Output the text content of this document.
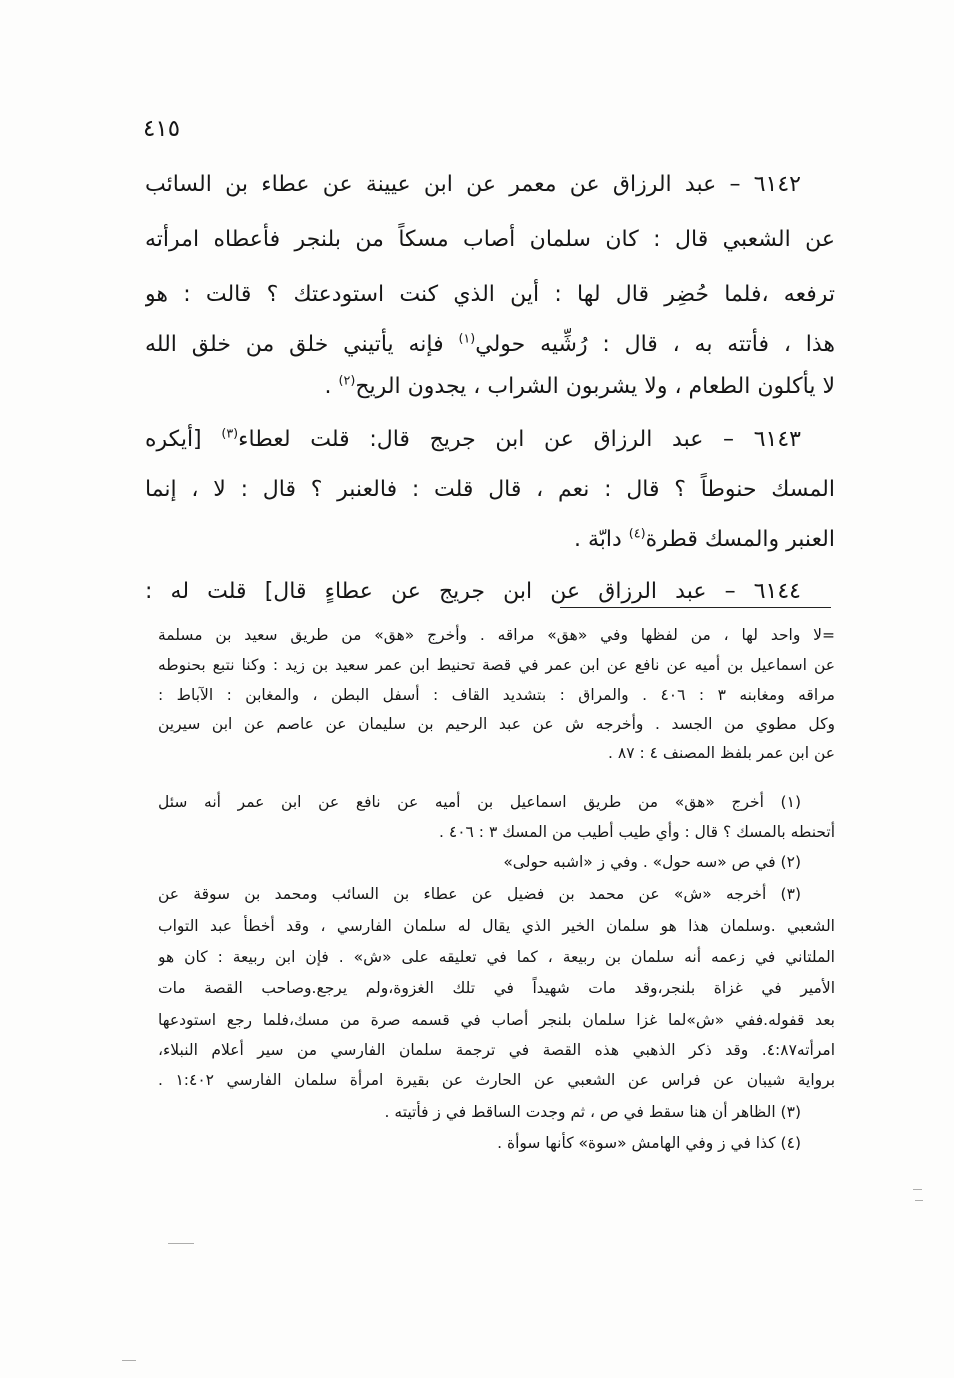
٤١٥
٦١٤٢ – عبد الرزاق عن معمر عن ابن عيينة عن عطاء بن السائب
عن الشعبي قال : كان سلمان أصاب مسكاً من بلنجر فأعطاه امرأته
ترفعه ،فلما حُضِر قال لها : أين الذي كنت استودعتك ؟ قالت : هو
هذا ، فأتته به ، قال : رُشِّيه حولي$^{(١)}$ فإنه يأتيني خلق من خلق الله
لا يأكلون الطعام ، ولا يشربون الشراب ، يجدون الريح$^{(٢)}$ .
٦١٤٣ – عبد الرزاق عن ابن جريج قال: قلت لعطاء$^{(٣)}$ [أيكره
المسك حنوطاً ؟ قال : نعم ، قال قلت : فالعنبر ؟ قال : لا ، إنما
العنبر والمسك قطرة$^{(٤)}$ دابّة .
٦١٤٤ – عبد الرزاق عن ابن جريج عن عطاءٍ قال] قلت له :
=لا واحد لها ، من لفظها وفي «هق» مراقه . وأخرج «هق» من طريق سعيد بن مسلمة
عن اسماعيل بن أميه عن نافع عن ابن عمر في قصة تحنيط ابن عمر سعيد بن زيد : وكنا نتبع بحنوطه
مراقه ومغابنه ٣ : ٤٠٦ . والمراق : بتشديد القاف : أسفل البطن ، والمغابن : الآباط :
وكل مطوي من الجسد . وأخرجه ش عن عبد الرحيم بن سليمان عن عاصم عن ابن سيرين
عن ابن عمر بلفظ المصنف ٤ : ٨٧ .
(١) أخرج «هق» من طريق اسماعيل بن أميه عن نافع عن ابن عمر أنه سئل
أتحنطه بالمسك ؟ قال : وأي طيب أطيب من المسك ٣ : ٤٠٦ .
(٢) في ص «سه حول» . وفي ز «اشبه حولى»
(٣) أخرجه «ش» عن محمد بن فضيل عن عطاء بن السائب ومحمد بن سوقة عن
الشعبي .وسلمان هذا هو سلمان الخير الذي يقال له سلمان الفارسي ، وقد أخطأ عبد التواب
الملتاني في زعمه أنه سلمان بن ربيعة ، كما في تعليقه على «ش» . فإن ابن ربيعة : كان هو
الأمير في غزاة بلنجر،وقد مات شهيداً في تلك الغزوة،ولم يرجع.وصاحب القصة مات
بعد قفوله.ففي «ش»لما غزا سلمان بلنجر أصاب في قسمه صرة من مسك،فلما رجع استودعها
امرأته٤:٨٧. وقد ذكر الذهبي هذه القصة في ترجمة سلمان الفارسي من سير أعلام النبلاء،
برواية شيبان عن فراس عن الشعبي عن الحارث عن بقيرة امرأة سلمان الفارسي ١:٤٠٢ .
(٣) الظاهر أن هنا سقط في ص ، ثم وجدت الساقط في ز فأتيته .
(٤) كذا في ز وفي الهامش «سوة» كأنها سوأة .
